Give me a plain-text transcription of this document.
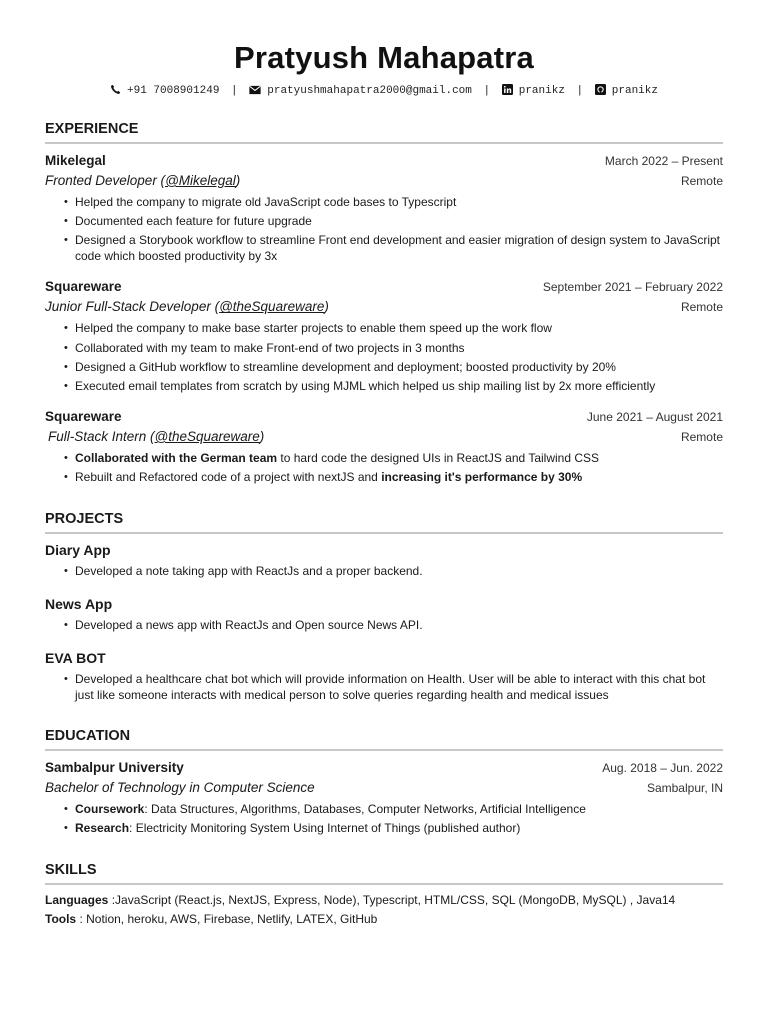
Pratyush Mahapatra
+91 7008901249 |	pratyushmahapatra2000@gmail.com |	pranikz |	pranikz
EXPERIENCE
Mikelegal	March 2022 – Present
Fronted Developer (@Mikelegal)	Remote
• Helped the company to migrate old JavaScript code bases to Typescript
• Documented each feature for future upgrade
• Designed a Storybook workflow to streamline Front end development and easier migration of design system to JavaScript code which boosted productivity by 3x
Squareware	September 2021 – February 2022
Junior Full-Stack Developer (@theSquareware)	Remote
• Helped the company to make base starter projects to enable them speed up the work flow
• Collaborated with my team to make Front-end of two projects in 3 months
• Designed a GitHub workflow to streamline development and deployment; boosted productivity by 20%
• Executed email templates from scratch by using MJML which helped us ship mailing list by 2x more efficiently
Squareware	June 2021 – August 2021
Full-Stack Intern (@theSquareware)	Remote
• Collaborated with the German team to hard code the designed UIs in ReactJS and Tailwind CSS
• Rebuilt and Refactored code of a project with nextJS and increasing it's performance by 30%
PROJECTS
Diary App
• Developed a note taking app with ReactJs and a proper backend.
News App
• Developed a news app with ReactJs and Open source News API.
EVA BOT
• Developed a healthcare chat bot which will provide information on Health. User will be able to interact with this chat bot just like someone interacts with medical person to solve queries regarding health and medical issues
EDUCATION
Sambalpur University	Aug. 2018 – Jun. 2022
Bachelor of Technology in Computer Science	Sambalpur, IN
• Coursework: Data Structures, Algorithms, Databases, Computer Networks, Artificial Intelligence
• Research: Electricity Monitoring System Using Internet of Things (published author)
SKILLS
Languages :JavaScript (React.js, NextJS, Express, Node), Typescript, HTML/CSS, SQL (MongoDB, MySQL) , Java14
Tools : Notion, heroku, AWS, Firebase, Netlify, LATEX, GitHub
